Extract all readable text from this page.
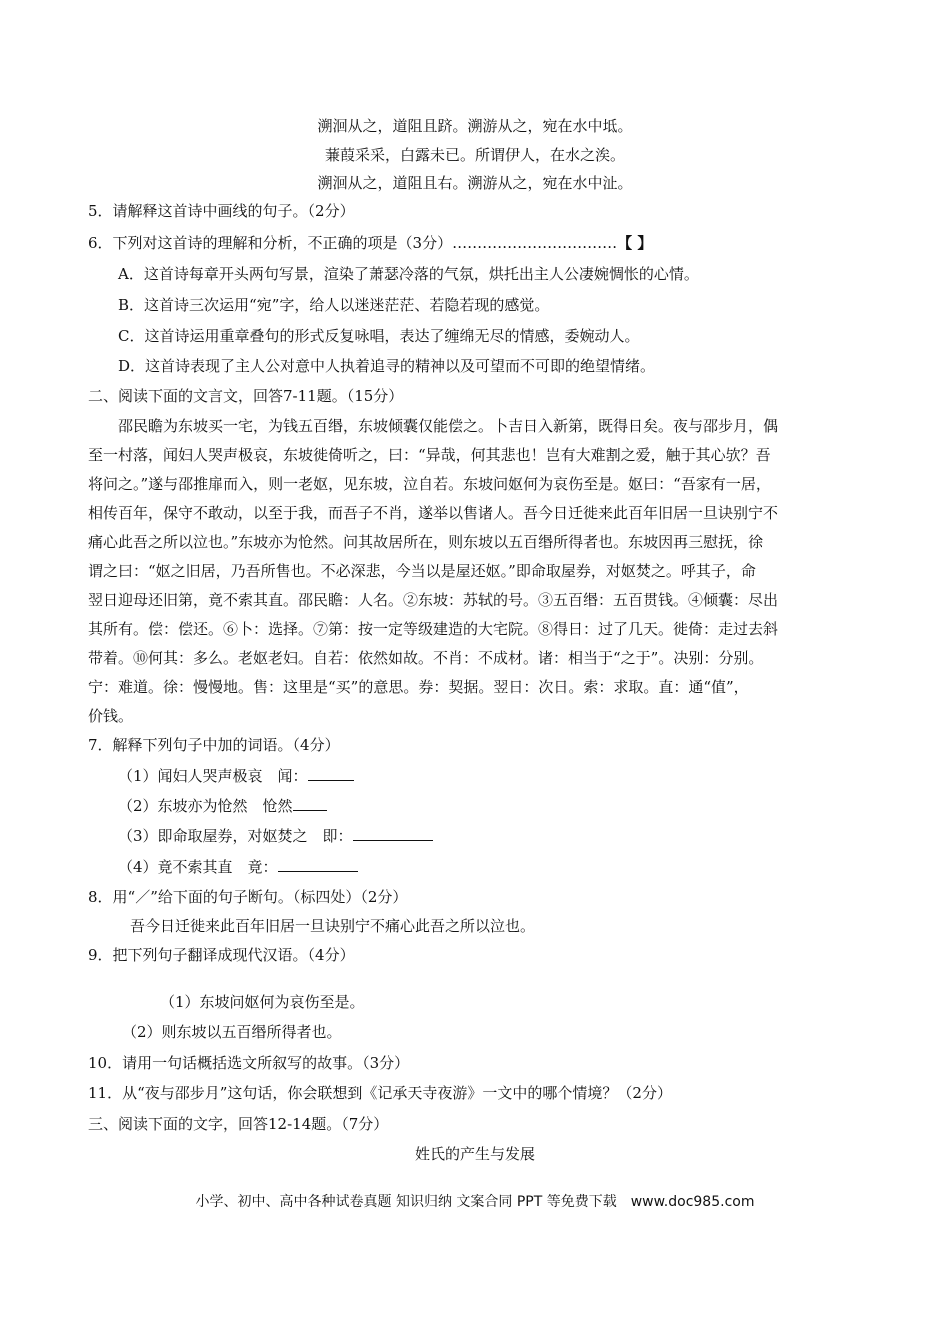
溯洄从之，道阻且跻。溯游从之，宛在水中坻。
蒹葭采采，白露未已。所谓伊人，在水之涘。
溯洄从之，道阻且右。溯游从之，宛在水中沚。
5．请解释这首诗中画线的句子。（2分）
6．下列对这首诗的理解和分析，不正确的项是（3分）……………………………【 】
A．这首诗每章开头两句写景，渲染了萧瑟冷落的气氛，烘托出主人公凄婉惆怅的心情。
B．这首诗三次运用“宛”字，给人以迷迷茫茫、若隐若现的感觉。
C．这首诗运用重章叠句的形式反复咏唱，表达了缠绵无尽的情感，委婉动人。
D．这首诗表现了主人公对意中人执着追寻的精神以及可望而不可即的绝望情绪。
二、阅读下面的文言文，回答7-11题。（15分）
邵民瞻为东坡买一宅，为钱五百缗，东坡倾囊仅能偿之。卜吉日入新第，既得日矣。夜与邵步月，偶
至一村落，闻妇人哭声极哀，东坡徙倚听之，曰：“异哉，何其悲也！岂有大难割之爱，触于其心欤？吾
将问之。”遂与邵推扉而入，则一老妪，见东坡，泣自若。东坡问妪何为哀伤至是。妪曰：“吾家有一居，
相传百年，保守不敢动，以至于我，而吾子不肖，遂举以售诸人。吾今日迁徙来此百年旧居一旦诀别宁不
痛心此吾之所以泣也。”东坡亦为怆然。问其故居所在，则东坡以五百缗所得者也。东坡因再三慰抚，徐
谓之曰：“妪之旧居，乃吾所售也。不必深悲，今当以是屋还妪。”即命取屋券，对妪焚之。呼其子，命
翌日迎母还旧第，竟不索其直。邵民瞻：人名。②东坡：苏轼的号。③五百缗：五百贯钱。④倾囊：尽出
其所有。偿：偿还。⑥卜：选择。⑦第：按一定等级建造的大宅院。⑧得日：过了几天。徙倚：走过去斜
带着。⑩何其：多么。老妪老妇。自若：依然如故。不肖：不成材。诸：相当于“之于”。决别：分别。
宁：难道。徐：慢慢地。售：这里是“买”的意思。券：契据。翌日：次日。索：求取。直：通“值”，
价钱。
7．解释下列句子中加的词语。（4分）
（1）闻妇人哭声极哀　闻：
（2）东坡亦为怆然　怆然
（3）即命取屋券，对妪焚之　即：
（4）竟不索其直　竟：
8．用“／”给下面的句子断句。（标四处）（2分）
吾今日迁徙来此百年旧居一旦诀别宁不痛心此吾之所以泣也。
9．把下列句子翻译成现代汉语。（4分）
（1）东坡问妪何为哀伤至是。
（2）则东坡以五百缗所得者也。
10．请用一句话概括选文所叙写的故事。（3分）
11．从“夜与邵步月”这句话，你会联想到《记承天寺夜游》一文中的哪个情境？（2分）
三、阅读下面的文字，回答12-14题。（7分）
姓氏的产生与发展
小学、初中、高中各种试卷真题 知识归纳 文案合同 PPT 等免费下载　www.doc985.com
